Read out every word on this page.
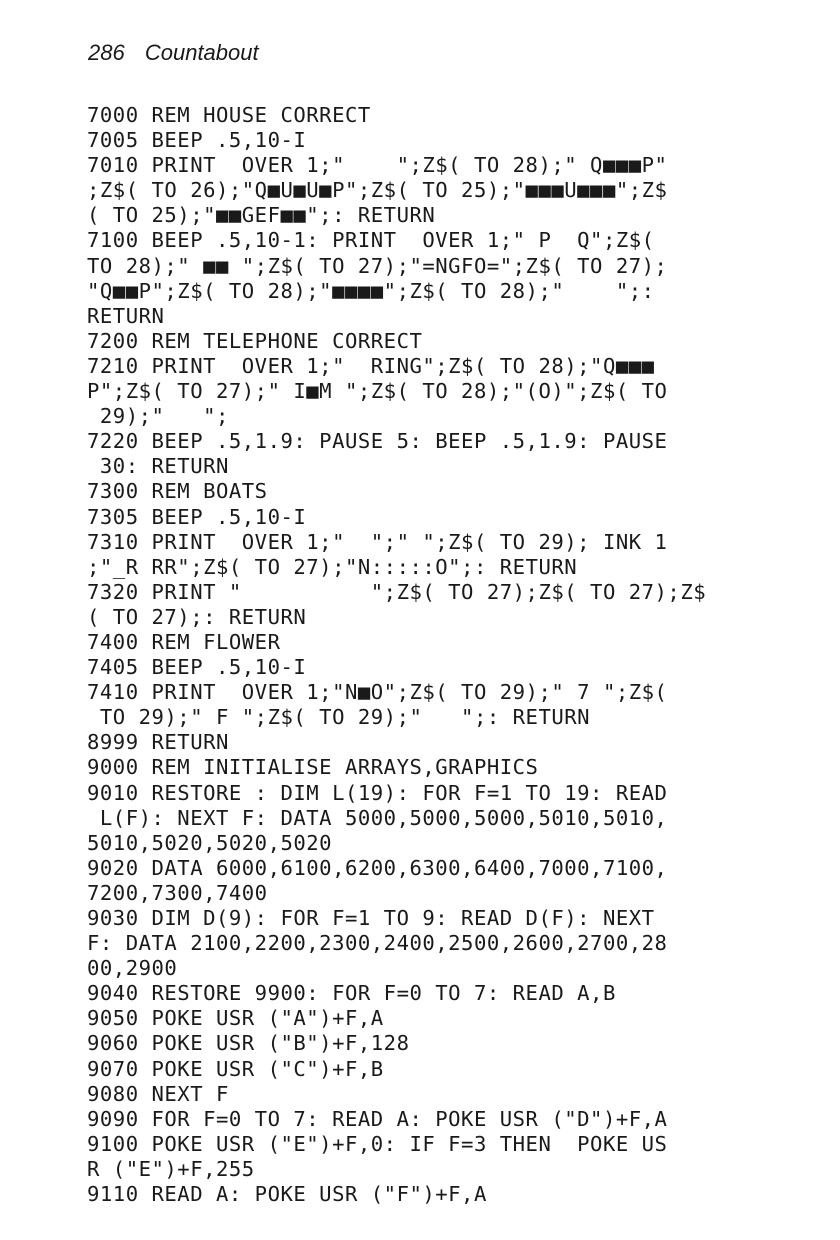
286 Countabout
7000 REM HOUSE CORRECT
7005 BEEP .5,10-I
7010 PRINT  OVER 1;"    ";Z$( TO 28);" Q■■■P"
;Z$( TO 26);"Q■U■U■P";Z$( TO 25);"■■■U■■■";Z$
( TO 25);"■■GEF■■";: RETURN
7100 BEEP .5,10-1: PRINT  OVER 1;" P  Q";Z$(
TO 28);" ■■ ";Z$( TO 27);"=NGFO=";Z$( TO 27);
"Q■■P";Z$( TO 28);"■■■■";Z$( TO 28);"    ";:
RETURN
7200 REM TELEPHONE CORRECT
7210 PRINT  OVER 1;"  RING";Z$( TO 28);"Q■■■
P";Z$( TO 27);" I■M ";Z$( TO 28);"(O)";Z$( TO
29);"   ";
7220 BEEP .5,1.9: PAUSE 5: BEEP .5,1.9: PAUSE
30: RETURN
7300 REM BOATS
7305 BEEP .5,10-I
7310 PRINT  OVER 1;"  ";" ";Z$( TO 29); INK 1
;"_R RR";Z$( TO 27);"N:::::O";: RETURN
7320 PRINT "          ";Z$( TO 27);Z$( TO 27);Z$
( TO 27);: RETURN
7400 REM FLOWER
7405 BEEP .5,10-I
7410 PRINT  OVER 1;"N■O";Z$( TO 29);" 7 ";Z$(
TO 29);" F ";Z$( TO 29);"   ";: RETURN
8999 RETURN
9000 REM INITIALISE ARRAYS,GRAPHICS
9010 RESTORE : DIM L(19): FOR F=1 TO 19: READ
L(F): NEXT F: DATA 5000,5000,5000,5010,5010,
5010,5020,5020,5020
9020 DATA 6000,6100,6200,6300,6400,7000,7100,
7200,7300,7400
9030 DIM D(9): FOR F=1 TO 9: READ D(F): NEXT
F: DATA 2100,2200,2300,2400,2500,2600,2700,28
00,2900
9040 RESTORE 9900: FOR F=0 TO 7: READ A,B
9050 POKE USR ("A")+F,A
9060 POKE USR ("B")+F,128
9070 POKE USR ("C")+F,B
9080 NEXT F
9090 FOR F=0 TO 7: READ A: POKE USR ("D")+F,A
9100 POKE USR ("E")+F,0: IF F=3 THEN  POKE US
R ("E")+F,255
9110 READ A: POKE USR ("F")+F,A
